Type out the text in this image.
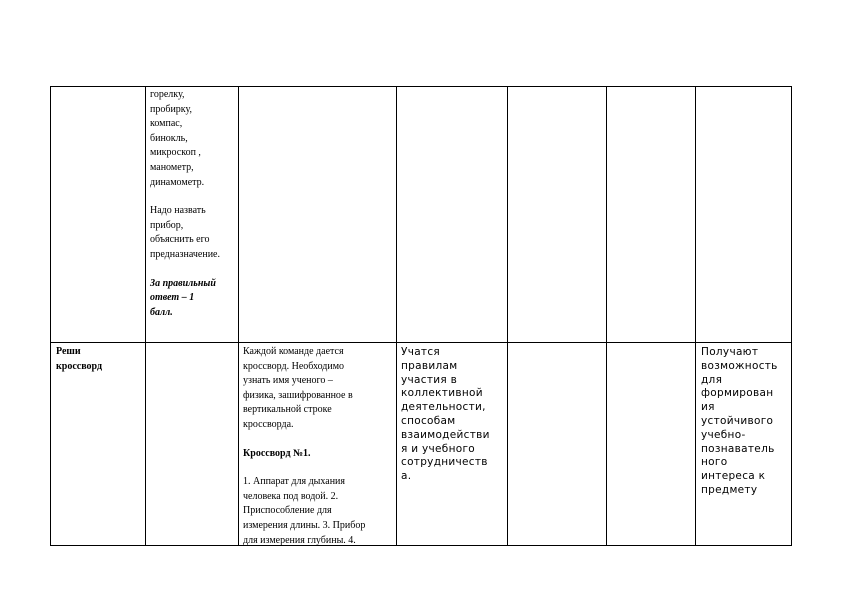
горелку,
пробирку,
компас,
бинокль,
микроскоп ,
манометр,
динамометр.
Надо назвать
прибор,
объяснить его
предназначение.
За правильный
ответ – 1
балл.
Реши
кроссворд
Каждой команде дается
кроссворд. Необходимо
узнать имя ученого –
физика, зашифрованное в
вертикальной строке
кроссворда.
Кроссворд №1.
1. Аппарат для дыхания
человека под водой. 2.
Приспособление для
измерения длины. 3. Прибор
для измерения глубины. 4.
Учатся
правилам
участия в
коллективной
деятельности,
способам
взаимодействи
я и учебного
сотрудничеств
а.
Получают
возможность
для
формирован
ия
устойчивого
учебно-
познаватель
ного
интереса к
предмету
